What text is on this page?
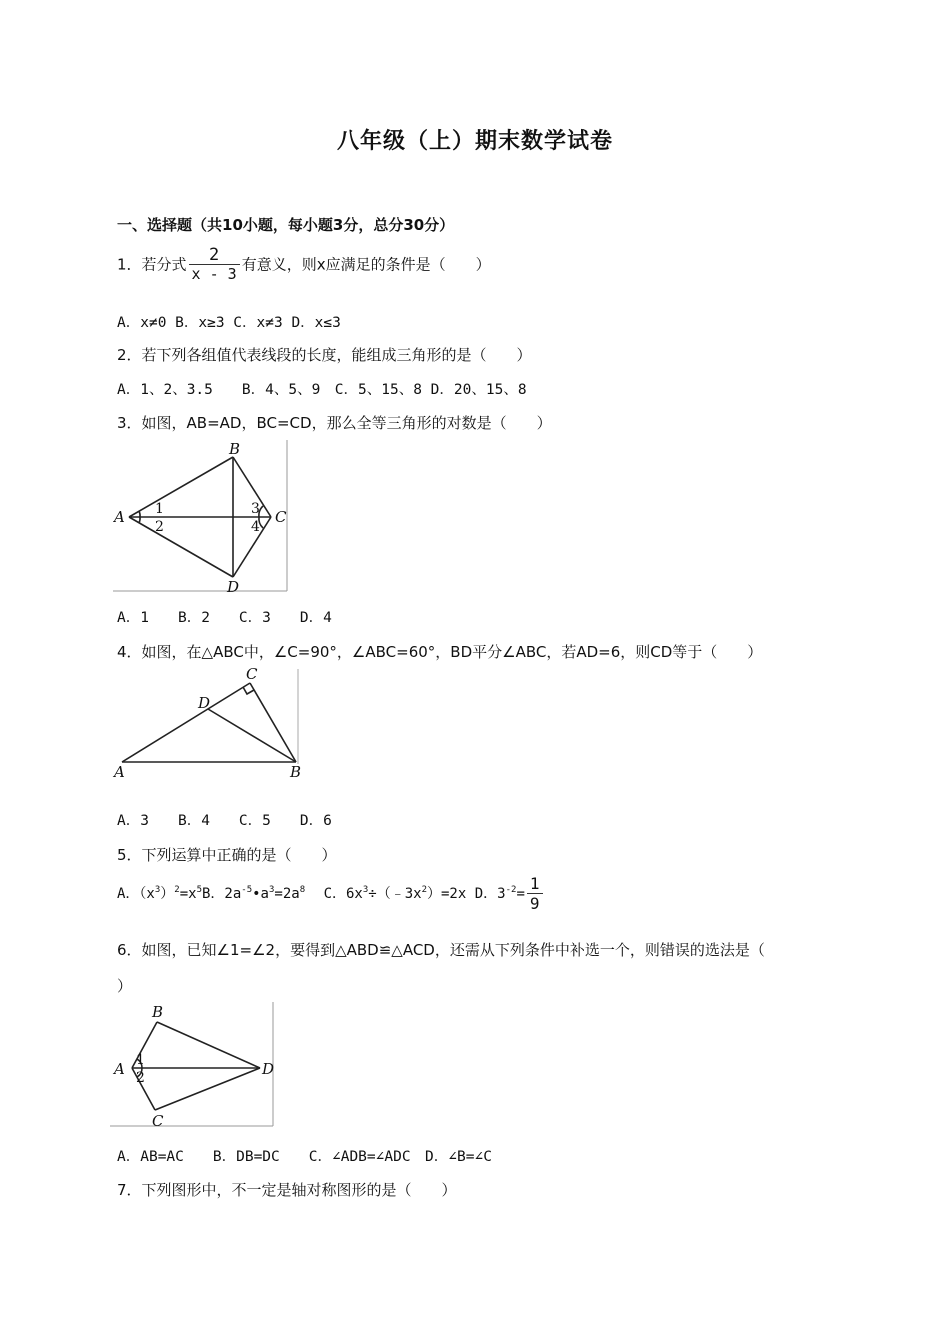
八年级（上）期末数学试卷
一、选择题（共10小题，每小题3分，总分30分）
1．若分式 $\frac{2}{x - 3}$ 有意义，则x应满足的条件是（　　）
A．x≠0 B．x≥3 C．x≠3 D．x≤3
2．若下列各组值代表线段的长度，能组成三角形的是（　　）
A．1、2、3.5　　B．4、5、9　C．5、15、8 D．20、15、8
3．如图，AB=AD，BC=CD，那么全等三角形的对数是（　　）
A
B
C
D
1
2
3
4
A．1　　B．2　　C．3　　D．4
4．如图，在△ABC中，∠C=90°，∠ABC=60°，BD平分∠ABC，若AD=6，则CD等于（　　）
A	B
C
D
A．3　　B．4　　C．5　　D．6
5．下列运算中正确的是（　　）
A．$(x^3)^2=x^5B$．$2a^{-5}•a^3=2a^8$ C．$6x^3\div(﹣3x^2)=2x$ D．$3^{-2}= \frac{1}{9}$
6．如图，已知∠1=∠2，要得到△ABD≌△ACD，还需从下列条件中补选一个，则错误的选法是（
）
A
B
C
D
1
2
A．AB=AC　　B．DB=DC　　C．∠ADB=∠ADC　D．∠B=∠C
7．下列图形中，不一定是轴对称图形的是（　　）
